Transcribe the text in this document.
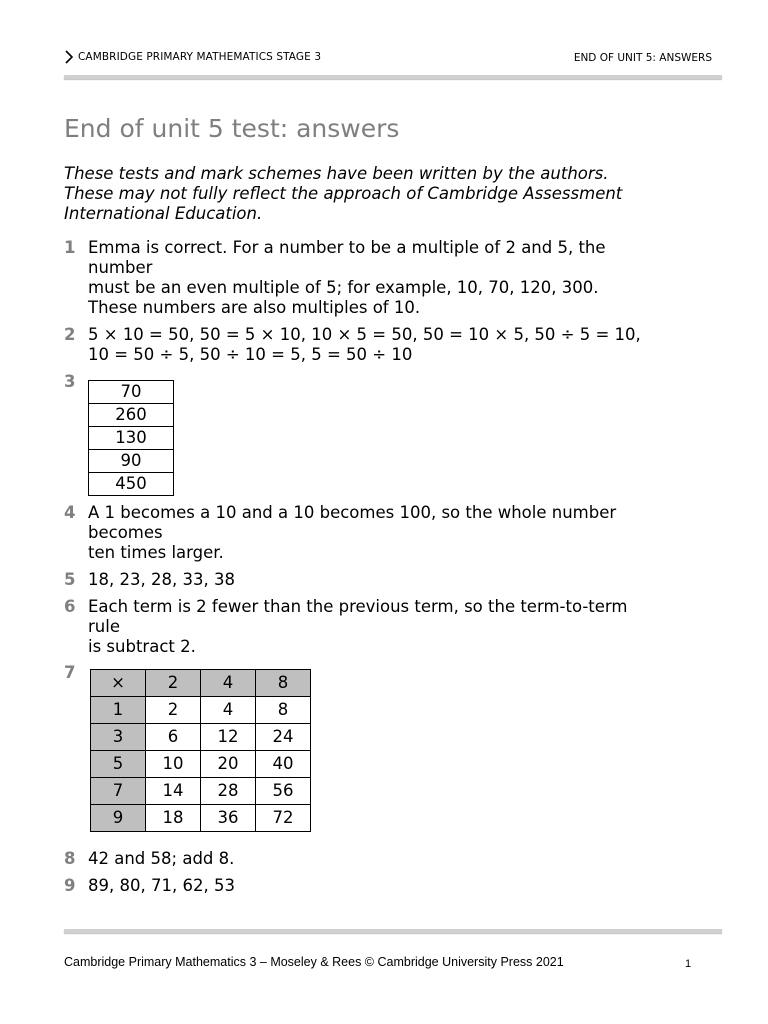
CAMBRIDGE PRIMARY MATHEMATICS STAGE 3	END OF UNIT 5: ANSWERS
End of unit 5 test: answers
These tests and mark schemes have been written by the authors.
These may not fully reflect the approach of Cambridge Assessment
International Education.
1 Emma is correct. For a number to be a multiple of 2 and 5, the
number
must be an even multiple of 5; for example, 10, 70, 120, 300.
These numbers are also multiples of 10.
2 5 × 10 = 50, 50 = 5 × 10, 10 × 5 = 50, 50 = 10 × 5, 50 ÷ 5 = 10,
10 = 50 ÷ 5, 50 ÷ 10 = 5, 5 = 50 ÷ 10
3
70
260
130
90
450
4 A 1 becomes a 10 and a 10 becomes 100, so the whole number
becomes
ten times larger.
5 18, 23, 28, 33, 38
6 Each term is 2 fewer than the previous term, so the term-to-term
rule
is subtract 2.
7
×	2	4	8
1	2	4	8
3	6	12	24
5	10	20	40
7	14	28	56
9	18	36	72
8 42 and 58; add 8.
9 89, 80, 71, 62, 53
Cambridge Primary Mathematics 3 – Moseley & Rees © Cambridge University Press 2021	1
